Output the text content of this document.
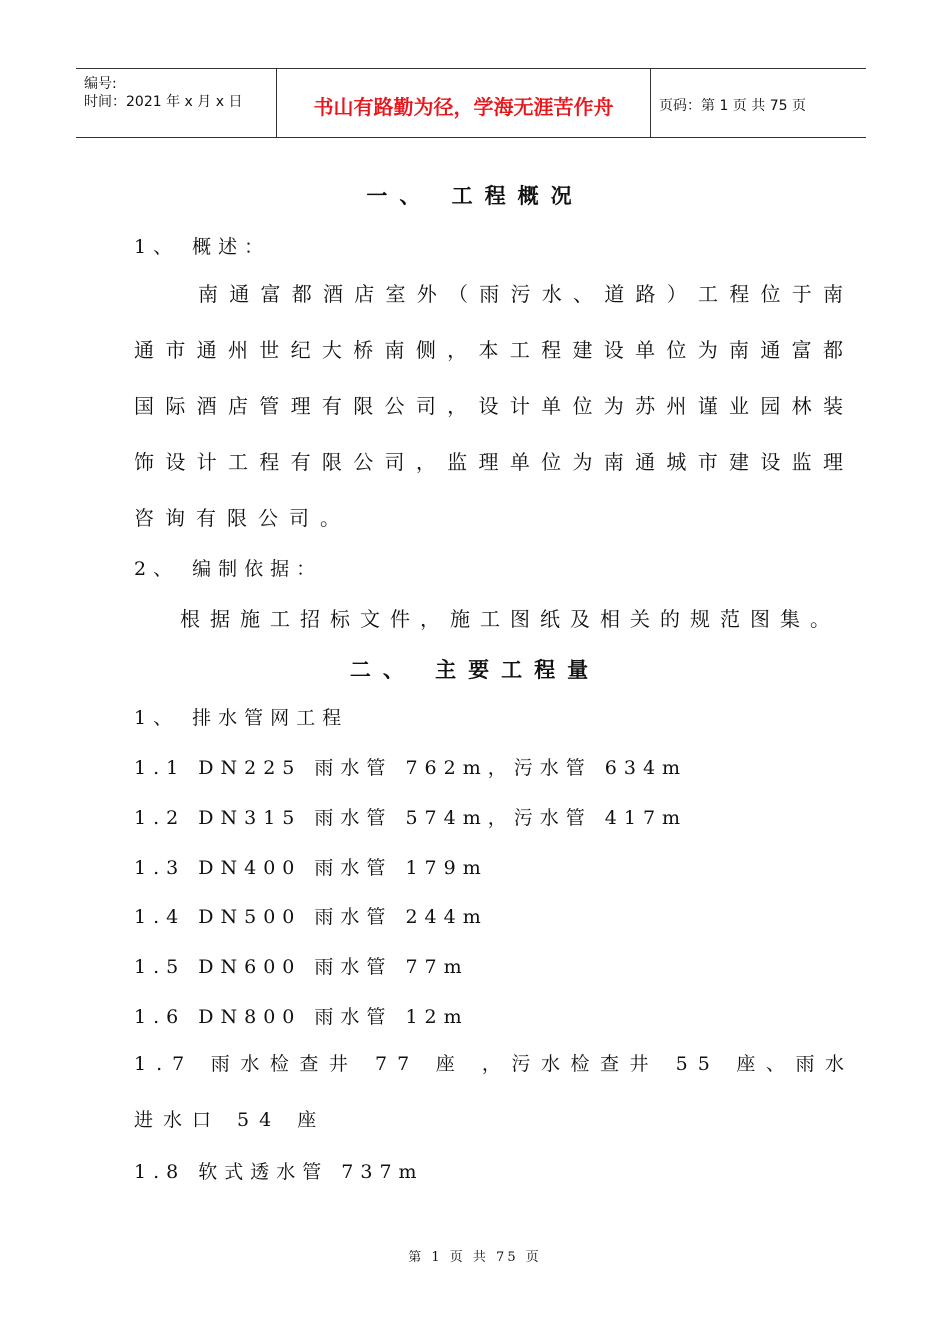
编号:
时间：2021 年 x 月 x 日	书山有路勤为径，学海无涯苦作舟	页码：第 1 页 共 75 页
一、 工程概况
1、 概述：
南通富都酒店室外（雨污水、道路）工程位于南通市通州世纪大桥南侧，本工程建设单位为南通富都国际酒店管理有限公司，设计单位为苏州谨业园林装饰设计工程有限公司，监理单位为南通城市建设监理咨询有限公司。
2、 编制依据：
根据施工招标文件，施工图纸及相关的规范图集。
二、 主要工程量
1、 排水管网工程
1.1 DN225 雨水管 762m，污水管 634m
1.2 DN315 雨水管 574m，污水管 417m
1.3 DN400 雨水管 179m
1.4 DN500 雨水管 244m
1.5 DN600 雨水管 77m
1.6 DN800 雨水管 12m
1.7 雨水检查井 77 座 ，污水检查井 55 座、雨水进水口 54 座
1.8 软式透水管 737m
第 1 页 共 75 页
